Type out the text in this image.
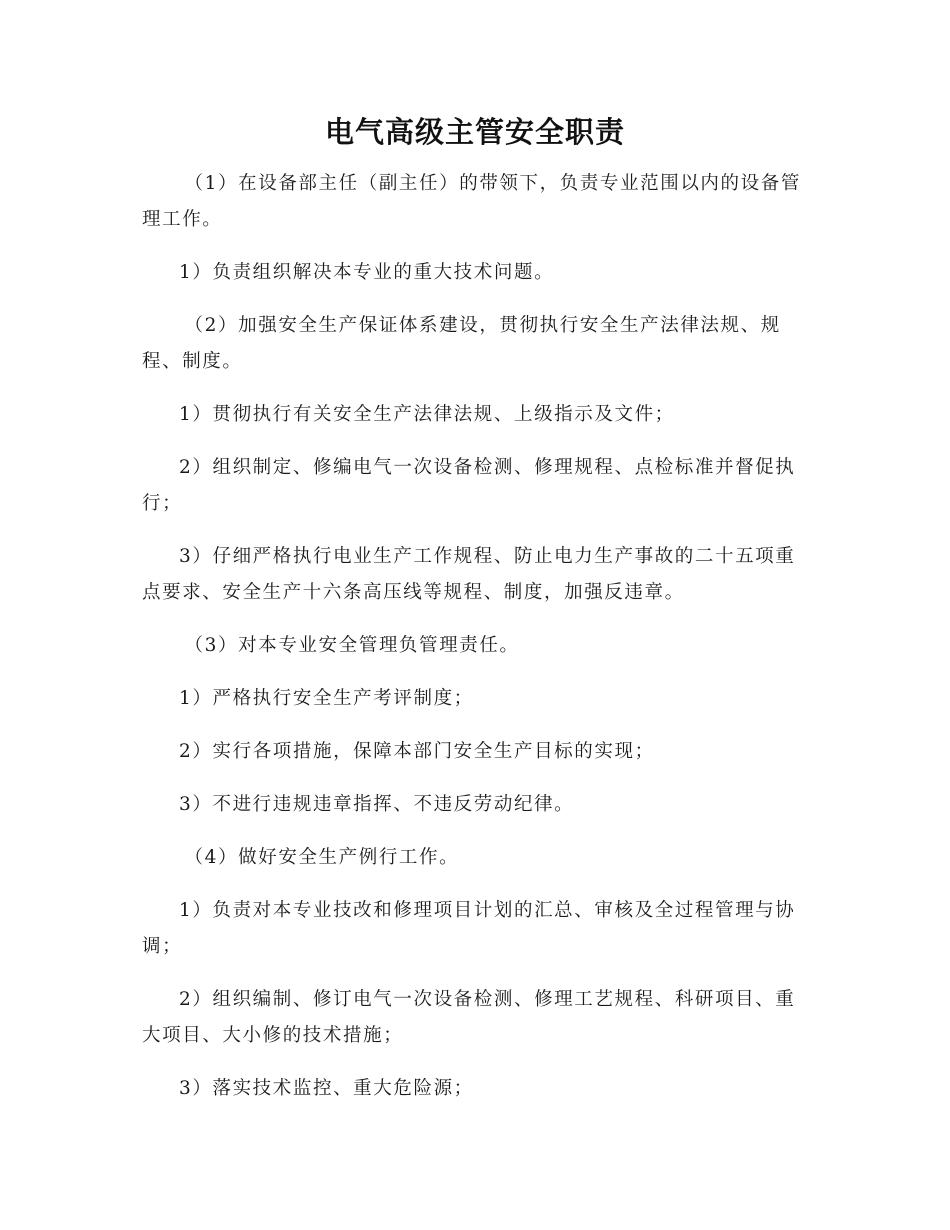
电气高级主管安全职责

（1）在设备部主任（副主任）的带领下，负责专业范围以内的设备管理工作。

1）负责组织解决本专业的重大技术问题。

（2）加强安全生产保证体系建设，贯彻执行安全生产法律法规、规程、制度。

1）贯彻执行有关安全生产法律法规、上级指示及文件；

2）组织制定、修编电气一次设备检测、修理规程、点检标准并督促执行；

3）仔细严格执行电业生产工作规程、防止电力生产事故的二十五项重点要求、安全生产十六条高压线等规程、制度，加强反违章。

（3）对本专业安全管理负管理责任。

1）严格执行安全生产考评制度；

2）实行各项措施，保障本部门安全生产目标的实现；

3）不进行违规违章指挥、不违反劳动纪律。

（4）做好安全生产例行工作。

1）负责对本专业技改和修理项目计划的汇总、审核及全过程管理与协调；

2）组织编制、修订电气一次设备检测、修理工艺规程、科研项目、重大项目、大小修的技术措施；

3）落实技术监控、重大危险源；
